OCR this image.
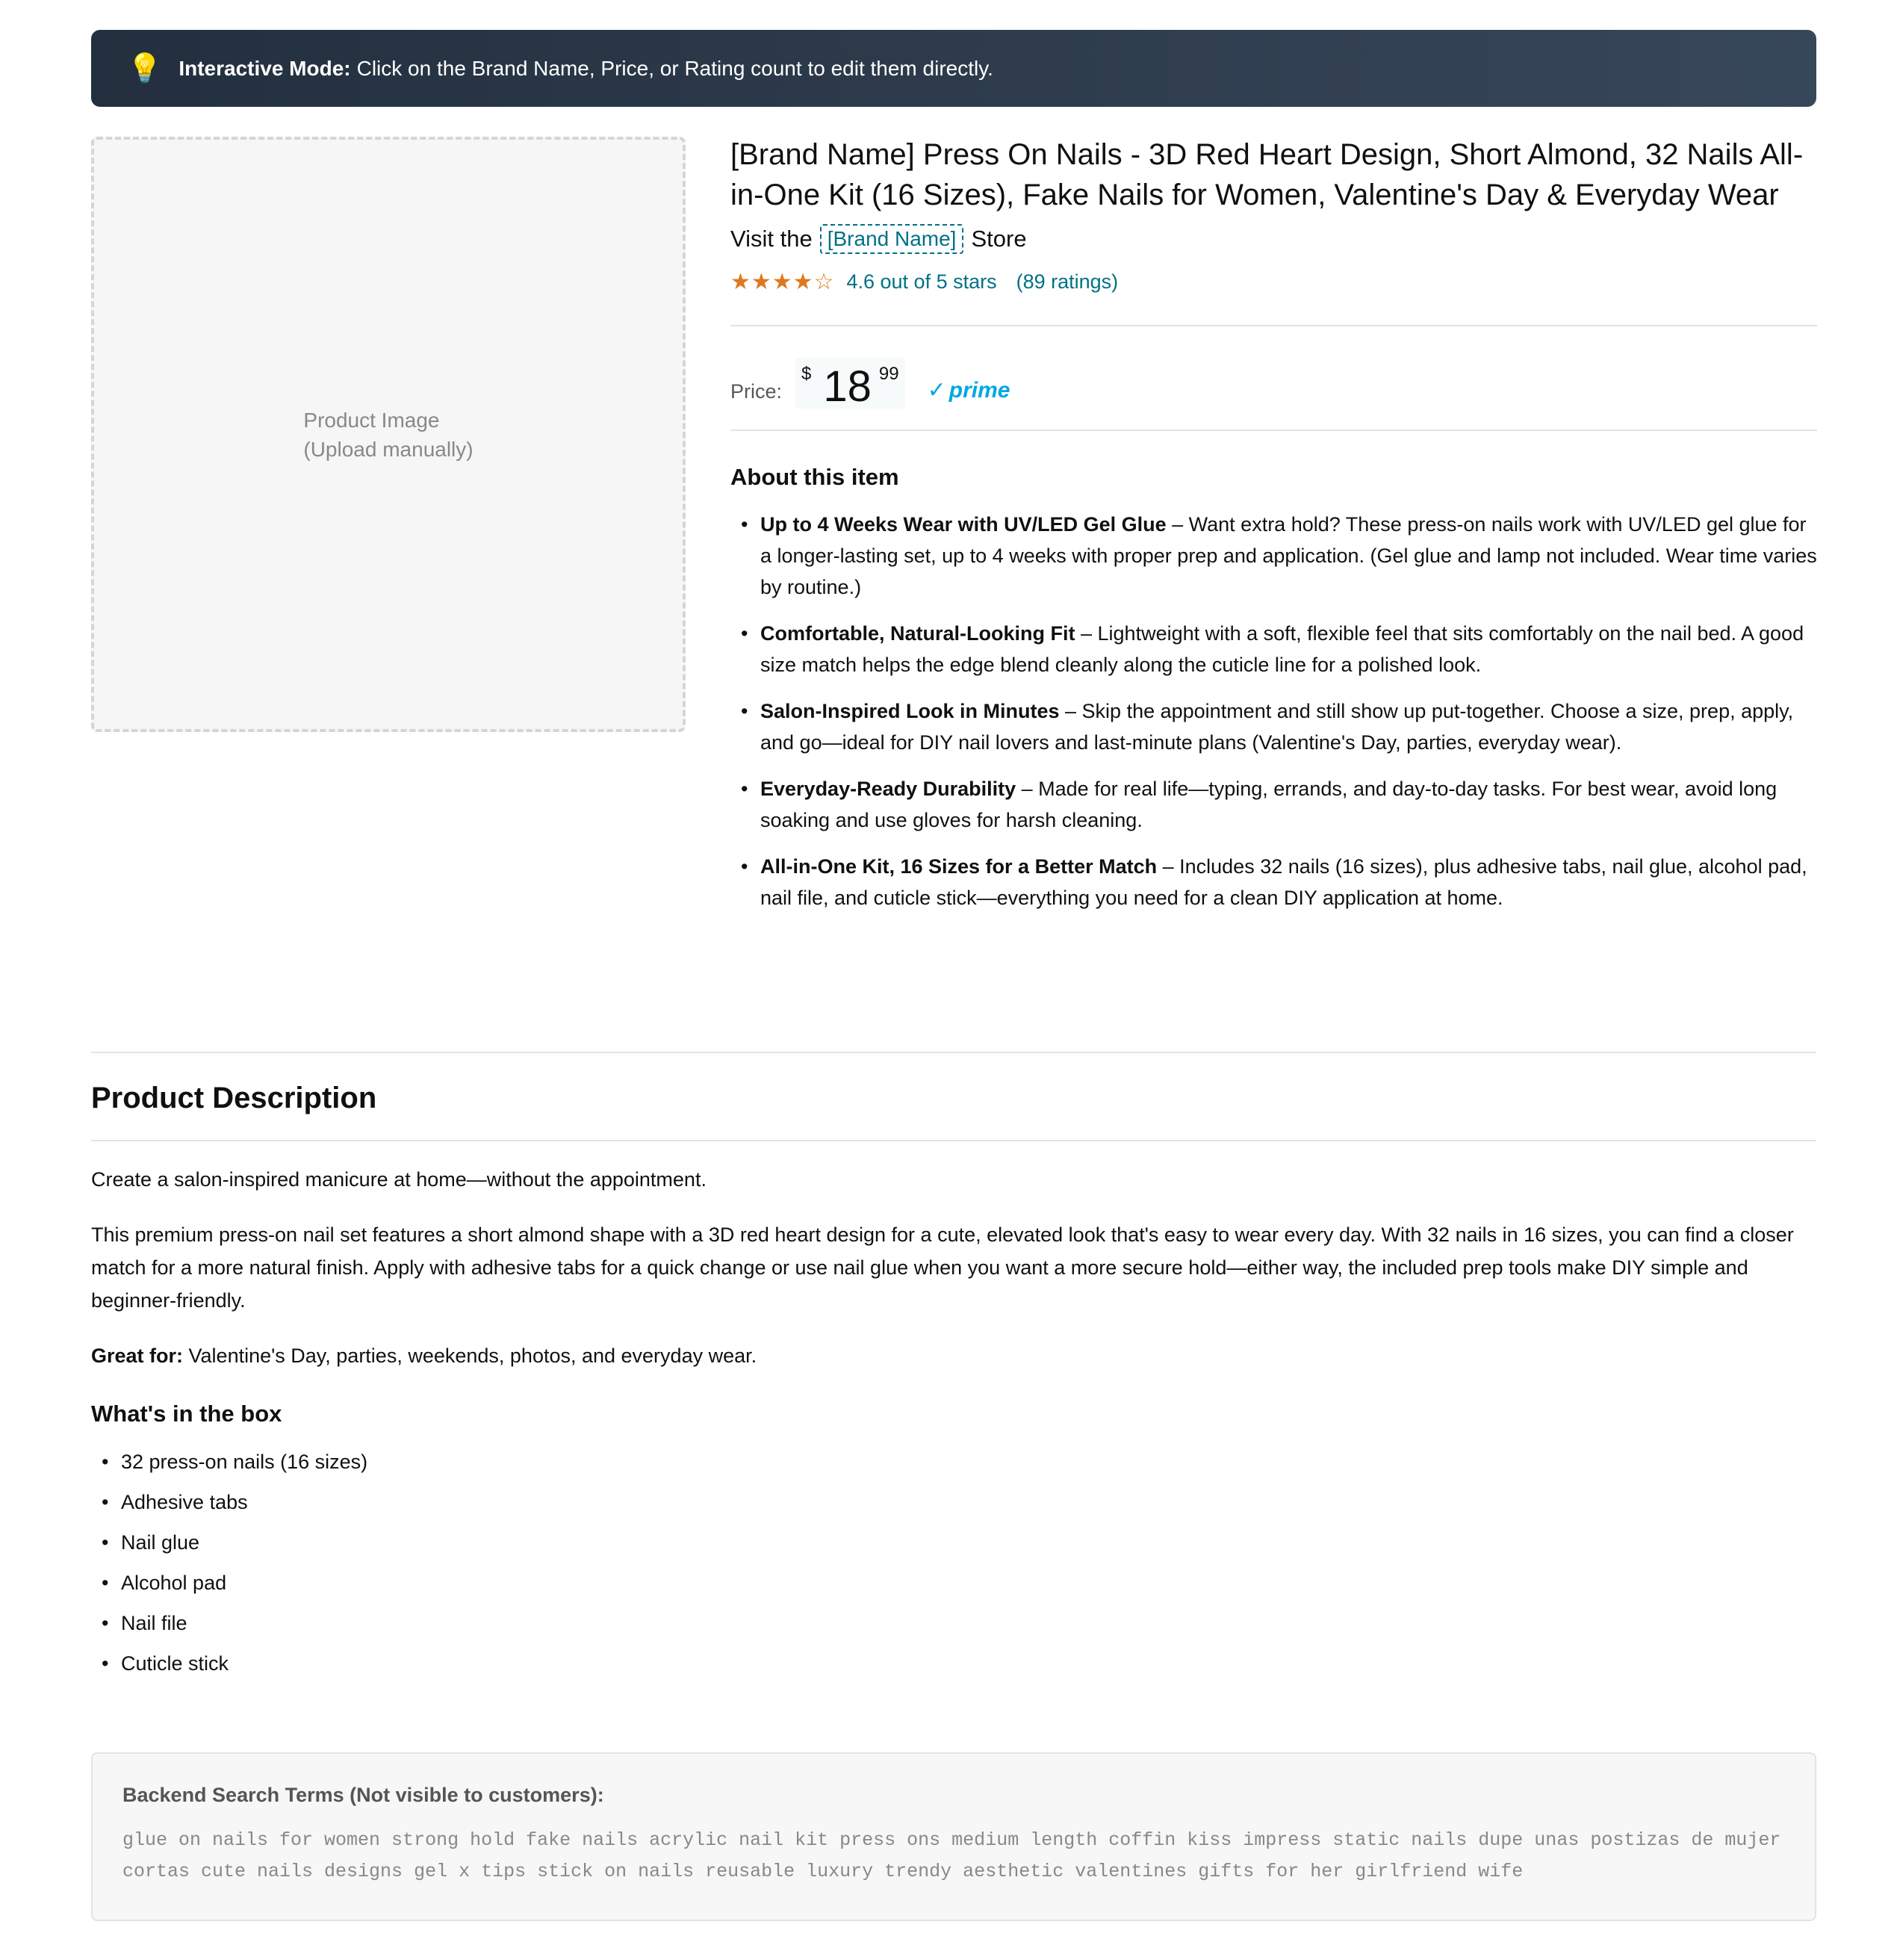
💡 Interactive Mode: Click on the Brand Name, Price, or Rating count to edit them directly.
Product Image
(Upload manually)
[Brand Name] Press On Nails - 3D Red Heart Design, Short Almond, 32 Nails All-in-One Kit (16 Sizes), Fake Nails for Women, Valentine's Day & Everyday Wear
Visit the [Brand Name] Store
★★★★☆ 4.6 out of 5 stars (89 ratings)
Price:
$ 18 99
✓ prime
About this item
• Up to 4 Weeks Wear with UV/LED Gel Glue – Want extra hold? These press-on nails work with UV/LED gel glue for a longer-lasting set, up to 4 weeks with proper prep and application. (Gel glue and lamp not included. Wear time varies by routine.)
• Comfortable, Natural-Looking Fit – Lightweight with a soft, flexible feel that sits comfortably on the nail bed. A good size match helps the edge blend cleanly along the cuticle line for a polished look.
• Salon-Inspired Look in Minutes – Skip the appointment and still show up put-together. Choose a size, prep, apply, and go—ideal for DIY nail lovers and last-minute plans (Valentine's Day, parties, everyday wear).
• Everyday-Ready Durability – Made for real life—typing, errands, and day-to-day tasks. For best wear, avoid long soaking and use gloves for harsh cleaning.
• All-in-One Kit, 16 Sizes for a Better Match – Includes 32 nails (16 sizes), plus adhesive tabs, nail glue, alcohol pad, nail file, and cuticle stick—everything you need for a clean DIY application at home.
Product Description

Create a salon-inspired manicure at home—without the appointment.

This premium press-on nail set features a short almond shape with a 3D red heart design for a cute, elevated look that's easy to wear every day. With 32 nails in 16 sizes, you can find a closer match for a more natural finish. Apply with adhesive tabs for a quick change or use nail glue when you want a more secure hold—either way, the included prep tools make DIY simple and beginner-friendly.

Great for: Valentine's Day, parties, weekends, photos, and everyday wear.

What's in the box
• 32 press-on nails (16 sizes)
• Adhesive tabs
• Nail glue
• Alcohol pad
• Nail file
• Cuticle stick
Backend Search Terms (Not visible to customers):
glue on nails for women strong hold fake nails acrylic nail kit press ons medium length coffin kiss impress static nails dupe unas postizas de mujer cortas cute nails designs gel x tips stick on nails reusable luxury trendy aesthetic valentines gifts for her girlfriend wife
